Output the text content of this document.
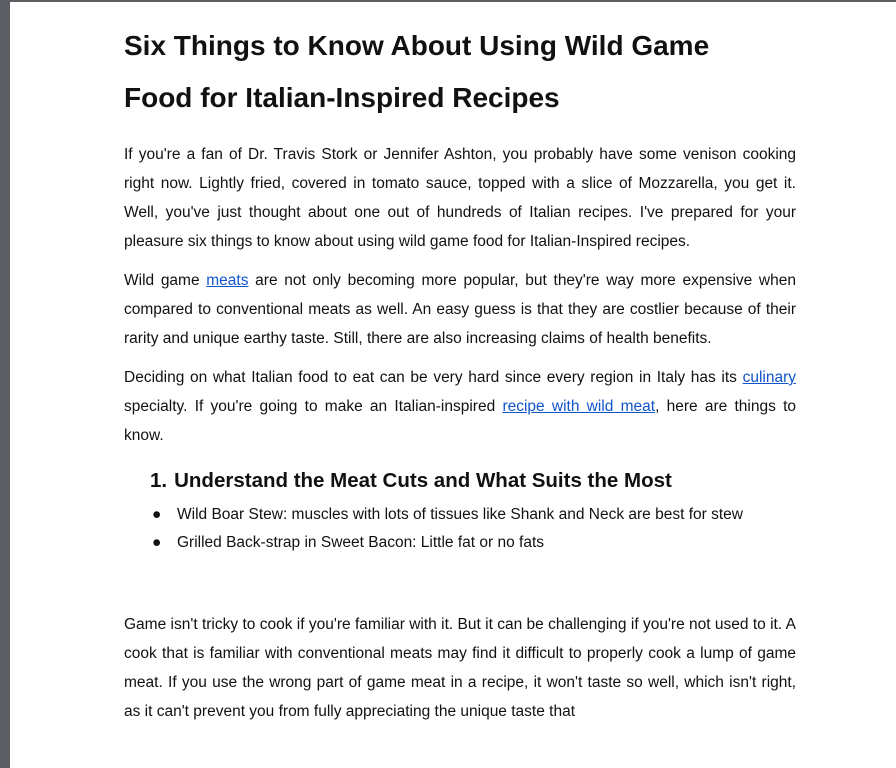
Six Things to Know About Using Wild Game
Food for Italian-Inspired Recipes

If you're a fan of Dr. Travis Stork or Jennifer Ashton, you probably have some venison cooking right now. Lightly fried, covered in tomato sauce, topped with a slice of Mozzarella, you get it. Well, you've just thought about one out of hundreds of Italian recipes. I've prepared for your pleasure six things to know about using wild game food for Italian-Inspired recipes.

Wild game meats are not only becoming more popular, but they're way more expensive when compared to conventional meats as well. An easy guess is that they are costlier because of their rarity and unique earthy taste. Still, there are also increasing claims of health benefits.

Deciding on what Italian food to eat can be very hard since every region in Italy has its culinary specialty. If you're going to make an Italian-inspired recipe with wild meat, here are things to know.

1. Understand the Meat Cuts and What Suits the Most
● Wild Boar Stew: muscles with lots of tissues like Shank and Neck are best for stew
● Grilled Back-strap in Sweet Bacon: Little fat or no fats

Game isn't tricky to cook if you're familiar with it. But it can be challenging if you're not used to it. A cook that is familiar with conventional meats may find it difficult to properly cook a lump of game meat. If you use the wrong part of game meat in a recipe, it won't taste so well, which isn't right, as it can't prevent you from fully appreciating the unique taste that
